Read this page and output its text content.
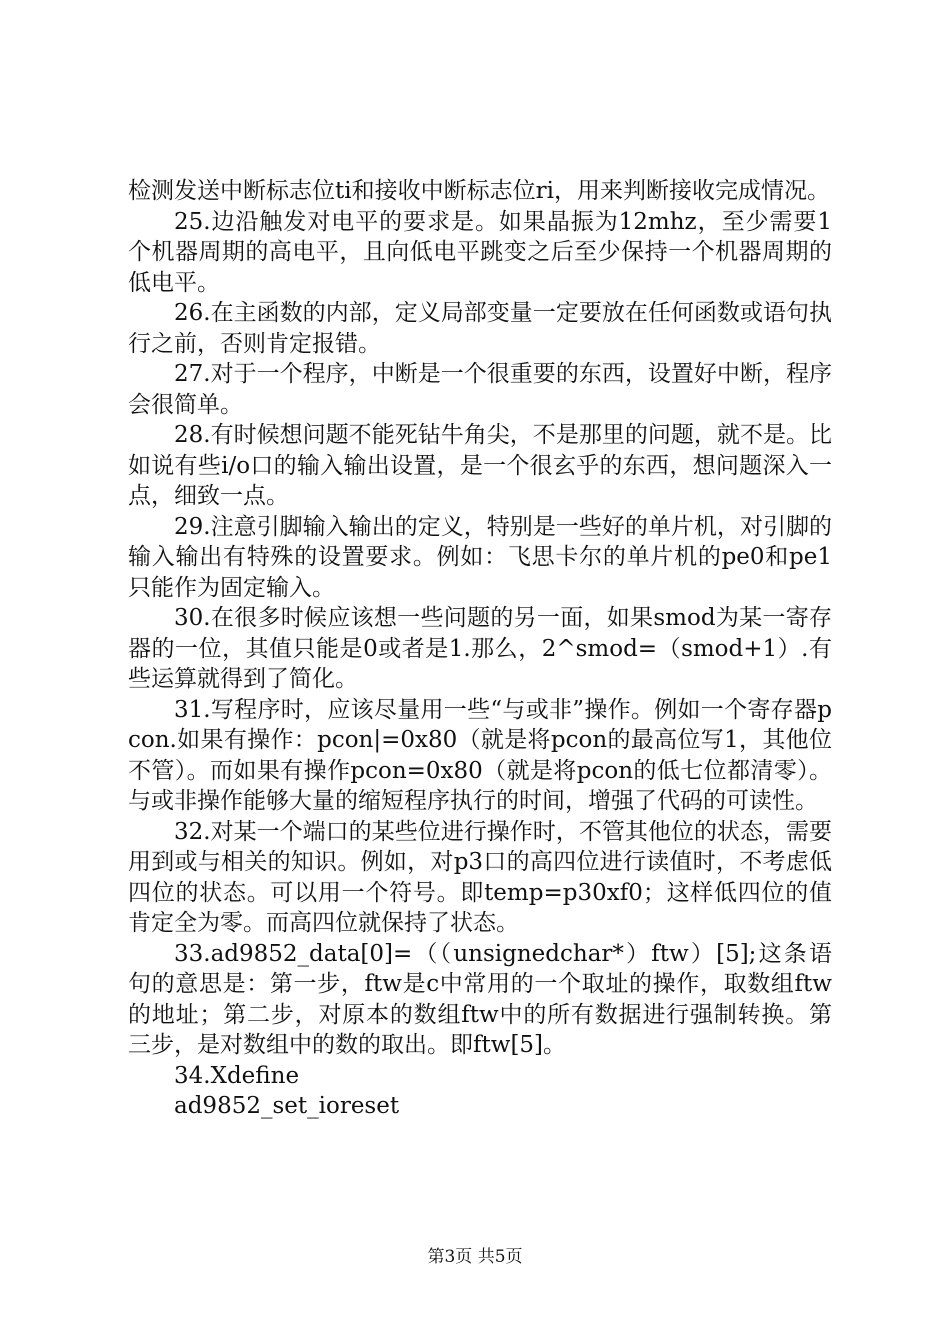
检测发送中断标志位ti和接收中断标志位ri，用来判断接收完成情况。

25.边沿触发对电平的要求是。如果晶振为12mhz，至少需要1个机器周期的高电平，且向低电平跳变之后至少保持一个机器周期的低电平。

26.在主函数的内部，定义局部变量一定要放在任何函数或语句执行之前，否则肯定报错。

27.对于一个程序，中断是一个很重要的东西，设置好中断，程序会很简单。

28.有时候想问题不能死钻牛角尖，不是那里的问题，就不是。比如说有些i/o口的输入输出设置，是一个很玄乎的东西，想问题深入一点，细致一点。

29.注意引脚输入输出的定义，特别是一些好的单片机，对引脚的输入输出有特殊的设置要求。例如：飞思卡尔的单片机的pe0和pe1只能作为固定输入。

30.在很多时候应该想一些问题的另一面，如果smod为某一寄存器的一位，其值只能是0或者是1.那么，2^smod=（smod+1）.有些运算就得到了简化。

31.写程序时，应该尽量用一些“与或非”操作。例如一个寄存器pcon.如果有操作：pcon|=0x80（就是将pcon的最高位写1，其他位不管）。而如果有操作pcon=0x80（就是将pcon的低七位都清零）。与或非操作能够大量的缩短程序执行的时间，增强了代码的可读性。

32.对某一个端口的某些位进行操作时，不管其他位的状态，需要用到或与相关的知识。例如，对p3口的高四位进行读值时，不考虑低四位的状态。可以用一个符号。即temp=p30xf0；这样低四位的值肯定全为零。而高四位就保持了状态。

33.ad9852_data[0]=（（unsignedchar*）ftw）[5];这条语句的意思是：第一步，ftw是c中常用的一个取址的操作，取数组ftw的地址；第二步，对原本的数组ftw中的所有数据进行强制转换。第三步，是对数组中的数的取出。即ftw[5]。

34.Xdefine

ad9852_set_ioreset

第3页 共5页
